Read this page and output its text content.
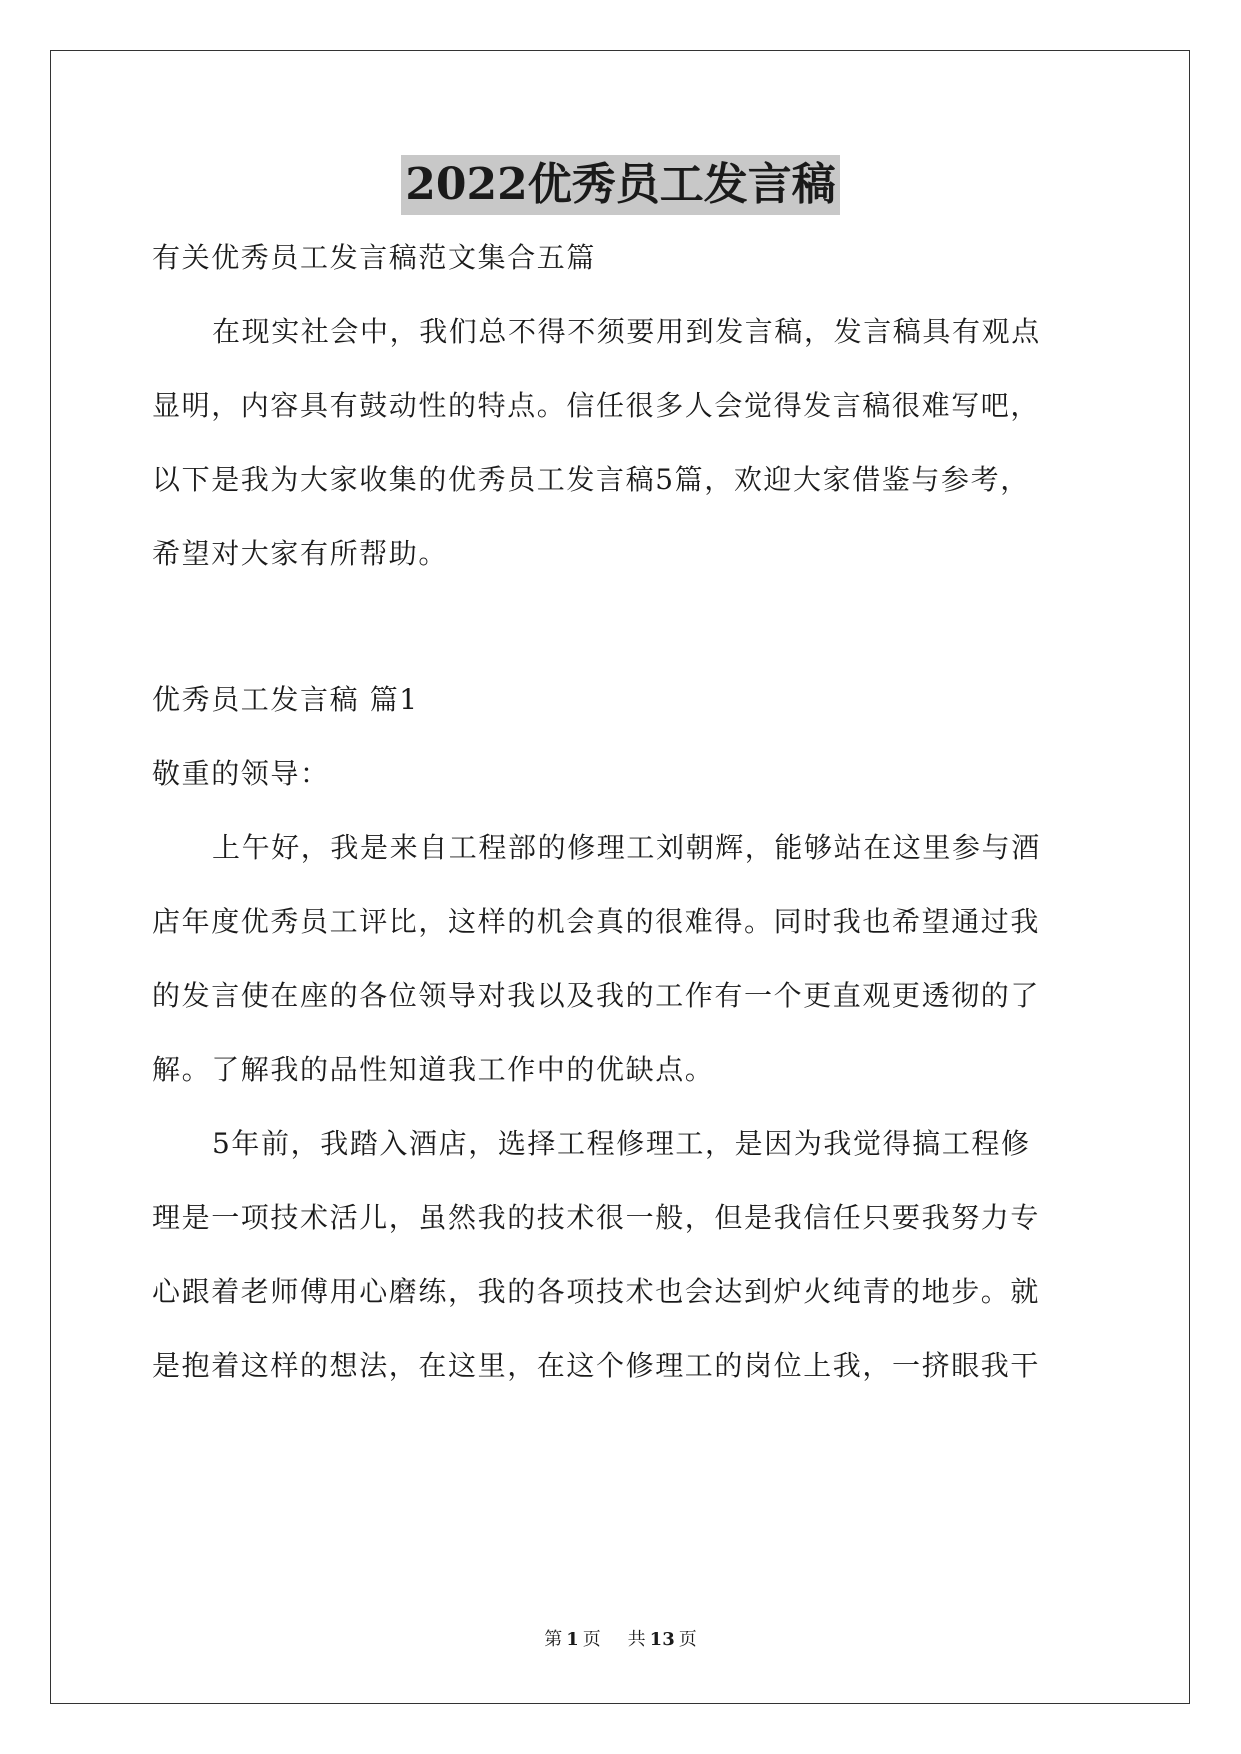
2022优秀员工发言稿
有关优秀员工发言稿范文集合五篇
在现实社会中，我们总不得不须要用到发言稿，发言稿具有观点
显明，内容具有鼓动性的特点。信任很多人会觉得发言稿很难写吧，
以下是我为大家收集的优秀员工发言稿5篇，欢迎大家借鉴与参考，
希望对大家有所帮助。
优秀员工发言稿 篇1
敬重的领导：
上午好，我是来自工程部的修理工刘朝辉，能够站在这里参与酒
店年度优秀员工评比，这样的机会真的很难得。同时我也希望通过我
的发言使在座的各位领导对我以及我的工作有一个更直观更透彻的了
解。了解我的品性知道我工作中的优缺点。
5年前，我踏入酒店，选择工程修理工，是因为我觉得搞工程修
理是一项技术活儿，虽然我的技术很一般，但是我信任只要我努力专
心跟着老师傅用心磨练，我的各项技术也会达到炉火纯青的地步。就
是抱着这样的想法，在这里，在这个修理工的岗位上我，一挤眼我干
第 1 页 共 13 页
